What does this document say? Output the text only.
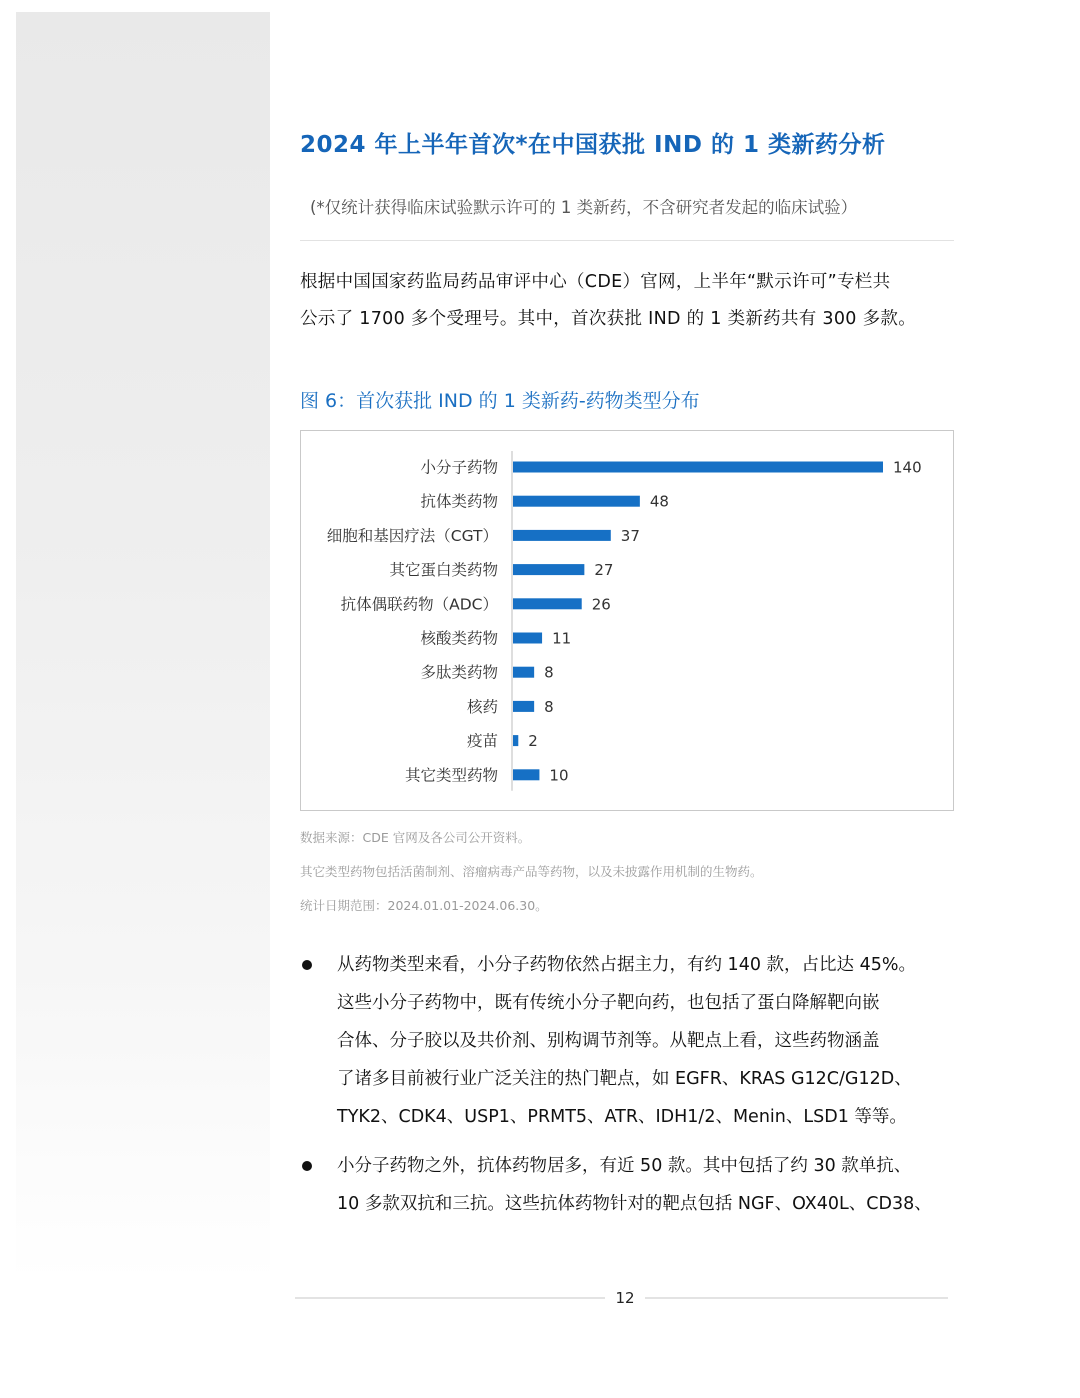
2024 年上半年首次*在中国获批 IND 的 1 类新药分析
(*仅统计获得临床试验默示许可的 1 类新药，不含研究者发起的临床试验）

根据中国国家药监局药品审评中心（CDE）官网，上半年“默示许可”专栏共

公示了 1700 多个受理号。其中，首次获批 IND 的 1 类新药共有 300 多款。

图 6：首次获批 IND 的 1 类新药-药物类型分布
小分子药物	140
抗体类药物	48
细胞和基因疗法（CGT）	37
其它蛋白类药物	27
抗体偶联药物（ADC）	26
核酸类药物	11
多肽类药物	8
核药	8
疫苗 2
其它类型药物	10
数据来源：CDE 官网及各公司公开资料。
其它类型药物包括活菌制剂、溶瘤病毒产品等药物，以及未披露作用机制的生物药。
统计日期范围：2024.01.01-2024.06.30。
从药物类型来看，小分子药物依然占据主力，有约 140 款，占比达 45%。
这些小分子药物中，既有传统小分子靶向药，也包括了蛋白降解靶向嵌
合体、分子胶以及共价剂、别构调节剂等。从靶点上看，这些药物涵盖
了诸多目前被行业广泛关注的热门靶点，如 EGFR、KRAS G12C/G12D、
TYK2、CDK4、USP1、PRMT5、ATR、IDH1/2、Menin、LSD1 等等。
小分子药物之外，抗体药物居多，有近 50 款。其中包括了约 30 款单抗、
10 多款双抗和三抗。这些抗体药物针对的靶点包括 NGF、OX40L、CD38、
12
